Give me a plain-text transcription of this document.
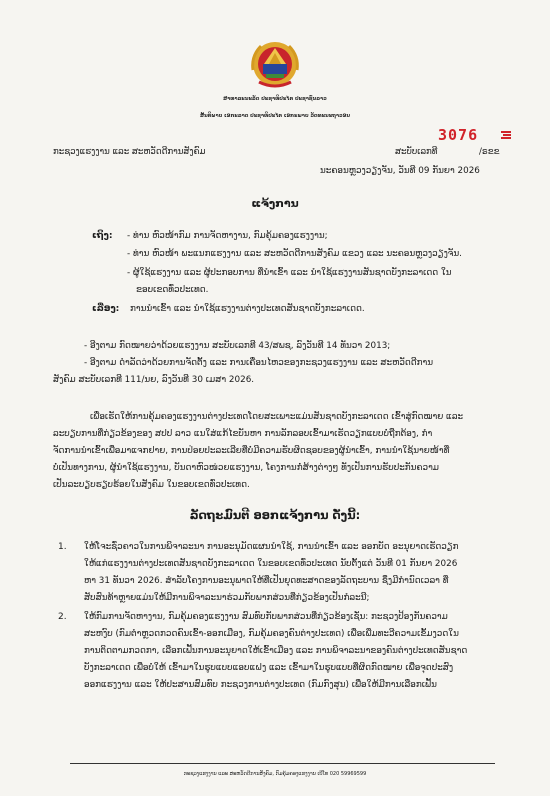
ສາທາລະນະລັດ ປະຊາທິປະໄຕ ປະຊາຊົນລາວ
ສັນຕິພາບ ເອກະລາດ ປະຊາທິປະໄຕ ເອກະພາບ ວັດທະນະຖາວອນ
ກະຊວງແຮງງານ ແລະ ສະຫວັດດີການສັງຄົມ
3076
ສະບັບເລກທີ	/ຣຂຂ
ນະຄອນຫຼວງວຽງຈັນ, ວັນທີ 09 ກັນຍາ 2026
ແຈ້ງການ
ເຖິງ: - ທ່ານ ຫົວໜ້າກົມ ການຈັດຫາງານ, ກົມຄຸ້ມຄອງແຮງງານ;
- ທ່ານ ຫົວໜ້າ ພະແນກແຮງງານ ແລະ ສະຫວັດດີການສັງຄົມ ແຂວງ ແລະ ນະຄອນຫຼວງວຽງຈັນ.
- ຜູ້ໃຊ້ແຮງງານ ແລະ ຜູ້ປະກອບການ ທີ່ນຳເຂົ້າ ແລະ ນຳໃຊ້ແຮງງານສັນຊາດບັງກະລາເດດ ໃນ
ຂອບເຂດທົ່ວປະເທດ.
ເລື່ອງ: ການນຳເຂົ້າ ແລະ ນຳໃຊ້ແຮງງານຕ່າງປະເທດສັນຊາດບັງກະລາເດດ.
- ອີງຕາມ ກົດໝາຍວ່າດ້ວຍແຮງງານ ສະບັບເລກທີ 43/ສພຊ, ລົງວັນທີ 14 ທັນວາ 2013;
- ອີງຕາມ ດຳລັດວ່າດ້ວຍການຈັດຕັ້ງ ແລະ ການເຄື່ອນໄຫວຂອງກະຊວງແຮງງານ ແລະ ສະຫວັດດີການ
ສັງຄົມ ສະບັບເລກທີ 111/ນຍ, ລົງວັນທີ 30 ເມສາ 2026.
ເພື່ອເຮັດໃຫ້ການຄຸ້ມຄອງແຮງງານຕ່າງປະເທດໂດຍສະເພາະແມ່ນສັນຊາດບັງກະລາເດດ ເຂົ້າສູ່ກົດໝາຍ ແລະ
ລະບຽບການທີ່ກ່ຽວຂ້ອງຂອງ ສປປ ລາວ ແນໃສ່ແກ້ໄຂບັນຫາ ການລັກລອບເຂົ້າມາເຮັດວຽກແບບບໍ່ຖືກຕ້ອງ, ກຳ
ຈັດການນຳເຂົ້າເພື່ອມາແຈກຢາຍ, ການປ່ອຍປະລະເລີຍທີ່ບໍ່ມີຄວາມຮັບຜິດຊອບຂອງຜູ້ນຳເຂົ້າ, ການນຳໃຊ້ນາຍໜ້າທີ່
ບໍ່ເປັນທາງການ, ຜູ້ນຳໃຊ້ແຮງງານ, ບັນດາຫົວໜ່ວຍແຮງງານ, ໂຄງການກໍ່ສ້າງຕ່າງໆ ທັງເປັນການຮັບປະກັນຄວາມ
ເປັນລະບຽບຮຽບຮ້ອຍໃນສັງຄົມ ໃນຂອບເຂດທົ່ວປະເທດ.
ລັດຖະມົນຕີ ອອກແຈ້ງການ ດັ່ງນີ້:
1. ໃຫ້ໂຈະຊົ່ວຄາວໃນການພິຈາລະນາ ການອະນຸມັດແຜນນຳໃຊ້, ການນຳເຂົ້າ ແລະ ອອກບັດ ອະນຸຍາດເຮັດວຽກ
ໃຫ້ແກ່ແຮງງານຕ່າງປະເທດສັນຊາດບັງກະລາເດດ ໃນຂອບເຂດທົ່ວປະເທດ ນັບຕັ້ງແຕ່ ວັນທີ 01 ກັນຍາ 2026
ຫາ 31 ທັນວາ 2026. ສຳລັບໂຄງການອະນຸພາດໃຫ້ທີ່ເປັນຍຸດທະສາດຂອງລັດຖະບານ ຊຶ່ງມີກຳນົດເວລາ ທີ່
ສັບສົນທ້າຫຼາຍແມ່ນໃຫ້ມີການພິຈາລະນາຮ່ວມກັບພາກສ່ວນທີ່ກ່ຽວຂ້ອງເປັນກໍລະນີ;
2. ໃຫ້ກົມການຈັດຫາງານ, ກົມຄຸ້ມຄອງແຮງງານ ສົມທົບກັບພາກສ່ວນທີ່ກ່ຽວຂ້ອງເຊັ່ນ: ກະຊວງປ້ອງກັນຄວາມ
ສະຫງົບ (ກົມຕຳຫຼວດກວດຄົນເຂົ້າ-ອອກເມືອງ, ກົມຄຸ້ມຄອງຄົນຕ່າງປະເທດ) ເພື່ອເພີ່ມທະວີຄວາມເຂັ້ມງວດໃນ
ການຕິດຕາມກວດກາ, ເລືອກເຟັ້ນການອະນຸຍາດໃຫ້ເຂົ້າເມືອງ ແລະ ການພິຈາລະນາຂອງຄົນຕ່າງປະເທດສັນຊາດ
ບັງກະລາເດດ ເພື່ອບໍ່ໃຫ້ ເຂົ້າມາໃນຮູບແບບແອບແຝງ ແລະ ເຂົ້າມາໃນຮູບແບບທີ່ຜິດກົດໝາຍ ເພື່ອຈຸດປະສົງ
ອອກແຮງງານ ແລະ ໃຫ້ປະສານສົມທົບ ກະຊວງການຕ່າງປະເທດ (ກົມກົງສຸນ) ເພື່ອໃຫ້ມີການເລືອກເຟັ້ນ
ກະຊວງແຮງງານ ແລະ ສະຫວັດດີການສັງຄົມ, ກົມຄຸ້ມຄອງແຮງງານ ເບີໂທ 020 59969599
